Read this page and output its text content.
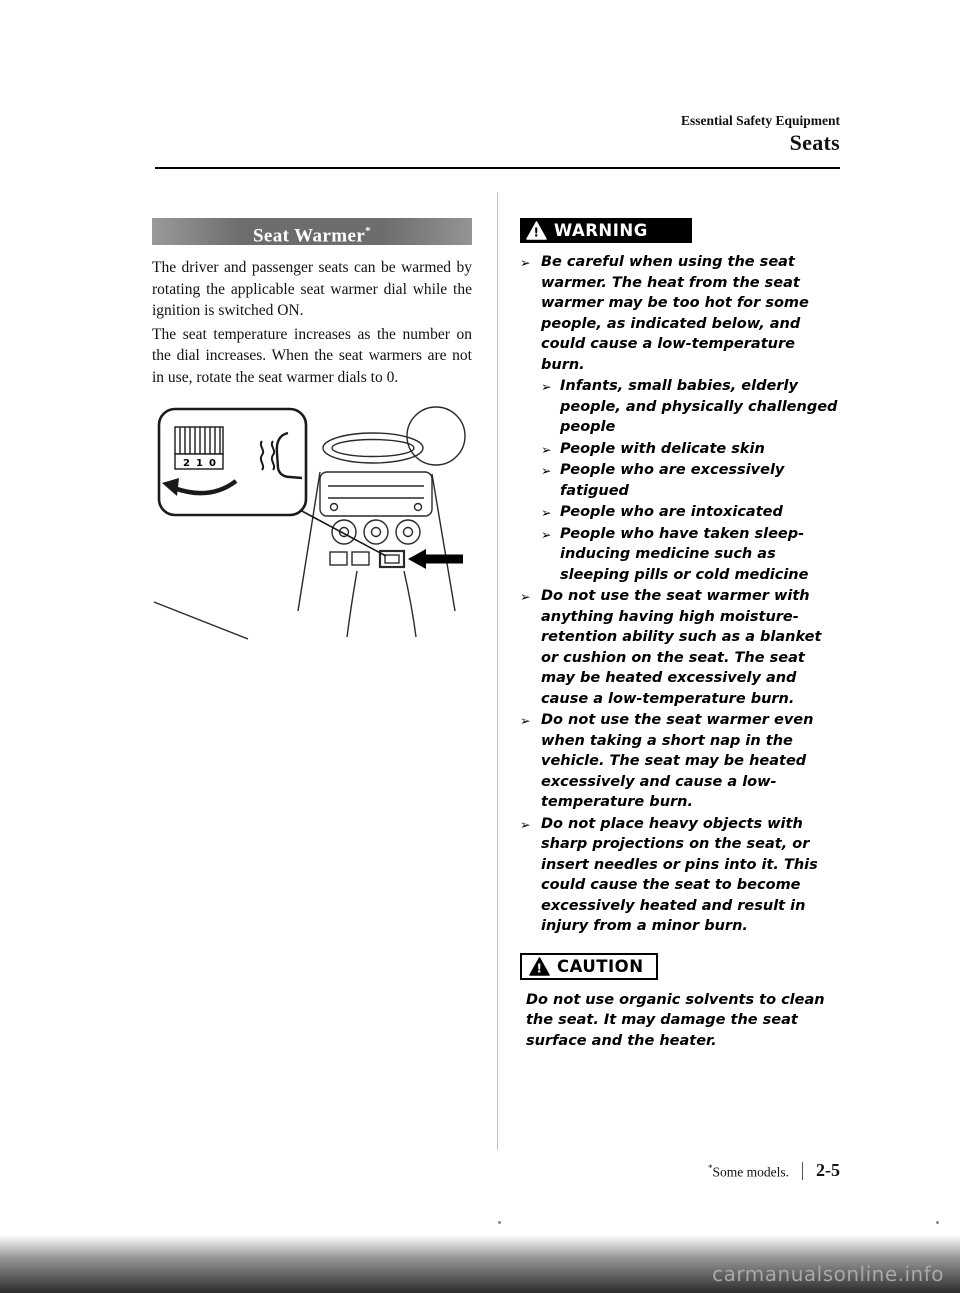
Essential Safety Equipment
Seats
Seat Warmer*

The driver and passenger seats can be warmed by rotating the applicable seat warmer dial while the ignition is switched ON.

The seat temperature increases as the number on the dial increases. When the seat warmers are not in use, rotate the seat warmer dials to 0.

2 1 0
! WARNING
➢ Be careful when using the seat warmer. The heat from the seat warmer may be too hot for some people, as indicated below, and could cause a low-temperature burn.
➢ Infants, small babies, elderly people, and physically challenged people
➢ People with delicate skin
➢ People who are excessively fatigued
➢ People who are intoxicated
➢ People who have taken sleep-inducing medicine such as sleeping pills or cold medicine
➢ Do not use the seat warmer with anything having high moisture-retention ability such as a blanket or cushion on the seat. The seat may be heated excessively and cause a low-temperature burn.
➢ Do not use the seat warmer even when taking a short nap in the vehicle. The seat may be heated excessively and cause a low-temperature burn.
➢ Do not place heavy objects with sharp projections on the seat, or insert needles or pins into it. This could cause the seat to become excessively heated and result in injury from a minor burn.
! CAUTION

Do not use organic solvents to clean the seat. It may damage the seat surface and the heater.

*Some models. 2-5
carmanualsonline.info
